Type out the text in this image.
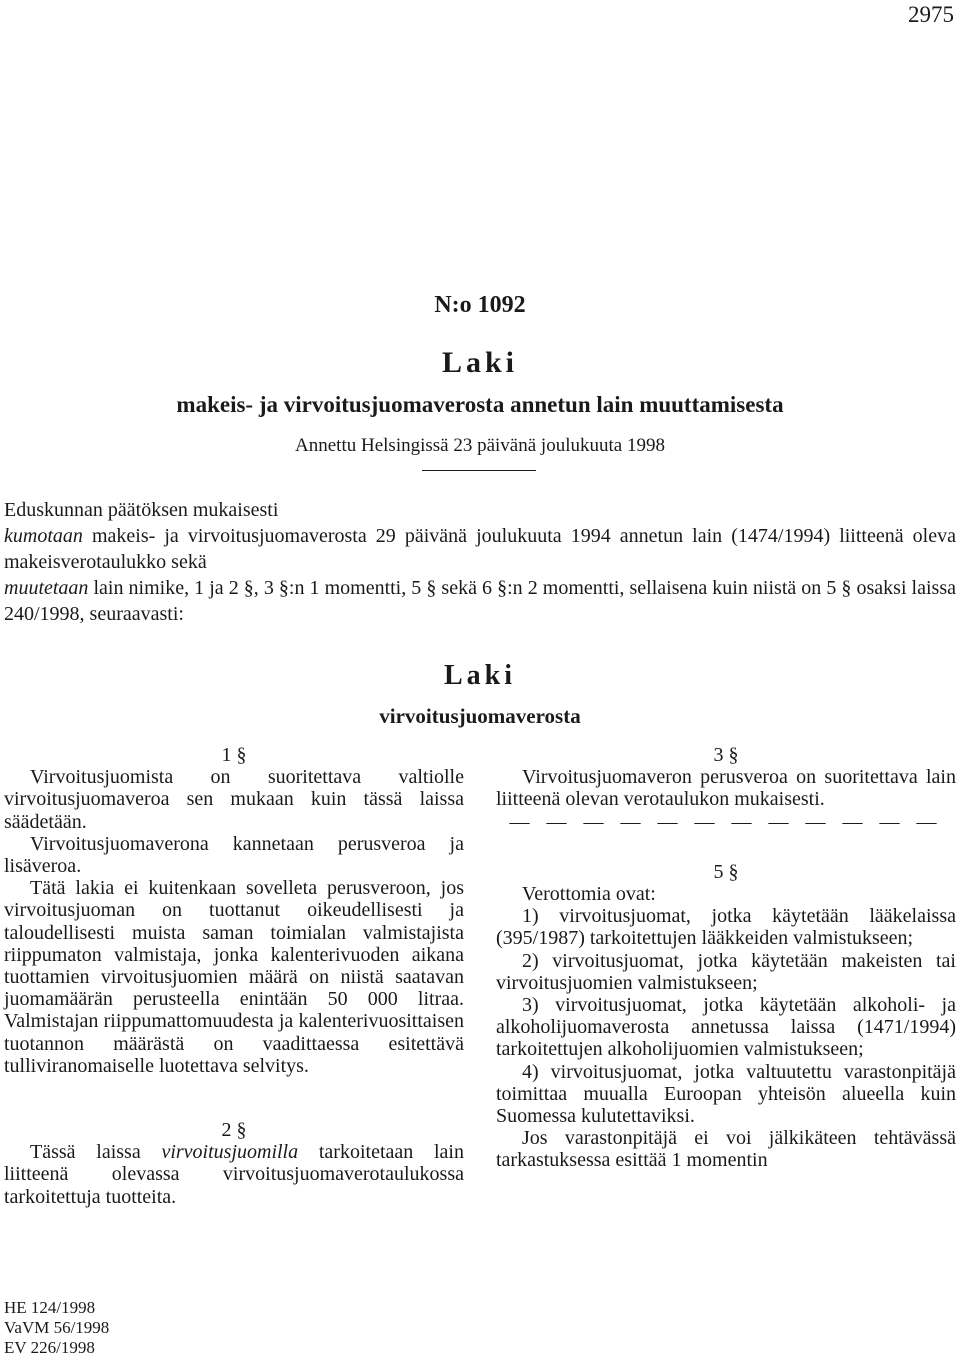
2975
N:o 1092
Laki
makeis- ja virvoitusjuomaverosta annetun lain muuttamisesta
Annettu Helsingissä 23 päivänä joulukuuta 1998

Eduskunnan päätöksen mukaisesti

kumotaan makeis- ja virvoitusjuomaverosta 29 päivänä joulukuuta 1994 annetun lain (1474/1994) liitteenä oleva makeisverotaulukko sekä

muutetaan lain nimike, 1 ja 2 §, 3 §:n 1 momentti, 5 § sekä 6 §:n 2 momentti, sellaisena kuin niistä on 5 § osaksi laissa 240/1998, seuraavasti:

Laki
virvoitusjuomaverosta

1 §

Virvoitusjuomista on suoritettava valtiolle virvoitusjuomaveroa sen mukaan kuin tässä laissa säädetään.

Virvoitusjuomaverona kannetaan perusveroa ja lisäveroa.

Tätä lakia ei kuitenkaan sovelleta perusveroon, jos virvoitusjuoman on tuottanut oikeudellisesti ja taloudellisesti muista saman toimialan valmistajista riippumaton valmistaja, jonka kalenterivuoden aikana tuottamien virvoitusjuomien määrä on niistä saatavan juomamäärän perusteella enintään 50 000 litraa. Valmistajan riippumattomuudesta ja kalenterivuosittaisen tuotannon määrästä on vaadittaessa esitettävä tulliviranomaiselle luotettava selvitys.

2 §

Tässä laissa virvoitusjuomilla tarkoitetaan lain liitteenä olevassa virvoitusjuomaverotaulukossa tarkoitettuja tuotteita.

3 §

Virvoitusjuomaveron perusveroa on suoritettava lain liitteenä olevan verotaulukon mukaisesti.

— — — — — — — — — — — —

5 §

Verottomia ovat:

1) virvoitusjuomat, jotka käytetään lääkelaissa (395/1987) tarkoitettujen lääkkeiden valmistukseen;

2) virvoitusjuomat, jotka käytetään makeisten tai virvoitusjuomien valmistukseen;

3) virvoitusjuomat, jotka käytetään alkoholi- ja alkoholijuomaverosta annetussa laissa (1471/1994) tarkoitettujen alkoholijuomien valmistukseen;

4) virvoitusjuomat, jotka valtuutettu varastonpitäjä toimittaa muualla Euroopan yhteisön alueella kuin Suomessa kulutettaviksi.

Jos varastonpitäjä ei voi jälkikäteen tehtävässä tarkastuksessa esittää 1 momentin

HE 124/1998
VaVM 56/1998
EV 226/1998
